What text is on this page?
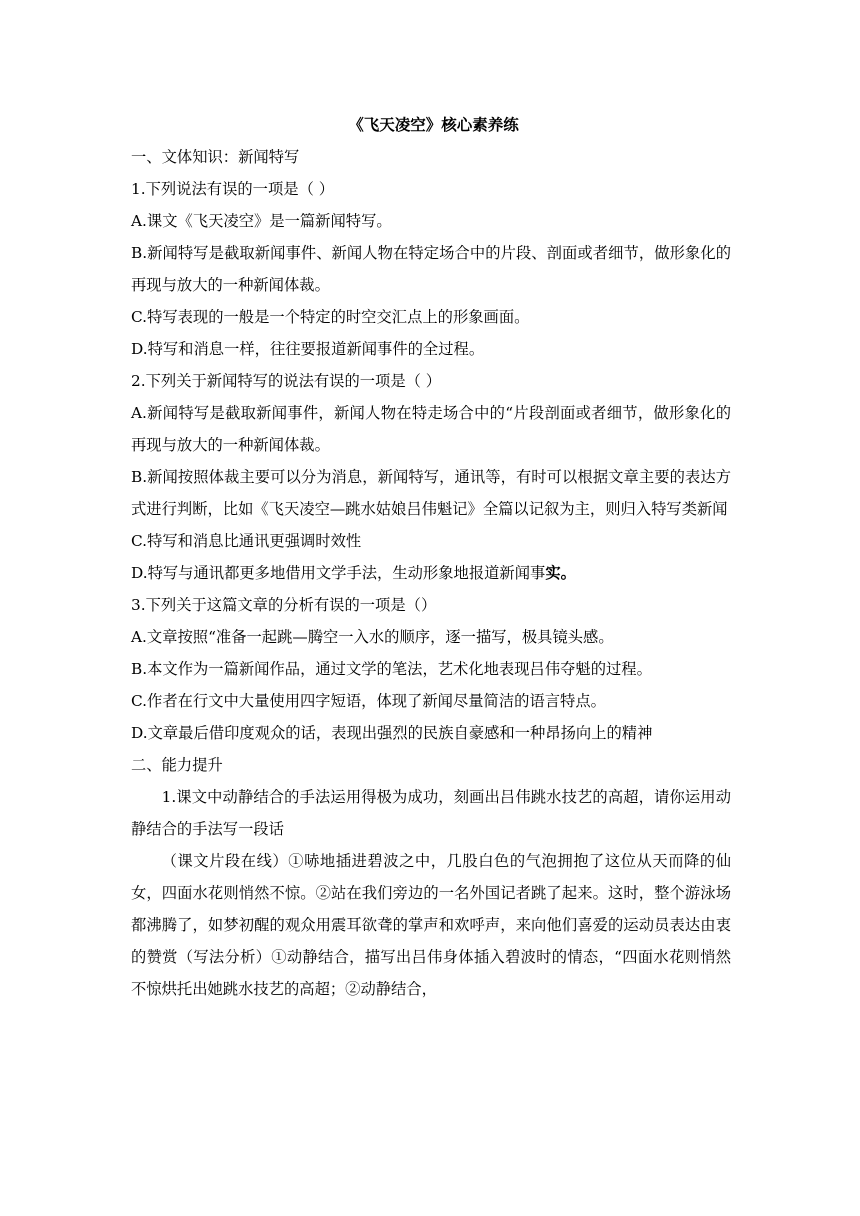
《飞天凌空》核心素养练

一、文体知识：新闻特写

1.下列说法有误的一项是（ ）

A.课文《飞天凌空》是一篇新闻特写。

B.新闻特写是截取新闻事件、新闻人物在特定场合中的片段、剖面或者细节，做形象化的再现与放大的一种新闻体裁。

C.特写表现的一般是一个特定的时空交汇点上的形象画面。

D.特写和消息一样，往往要报道新闻事件的全过程。

2.下列关于新闻特写的说法有误的一项是（ ）

A.新闻特写是截取新闻事件，新闻人物在特走场合中的“片段剖面或者细节，做形象化的再现与放大的一种新闻体裁。

B.新闻按照体裁主要可以分为消息，新闻特写，通讯等，有时可以根据文章主要的表达方式进行判断，比如《飞天凌空—跳水姑娘吕伟魁记》全篇以记叙为主，则归入特写类新闻

C.特写和消息比通讯更强调时效性

D.特写与通讯都更多地借用文学手法，生动形象地报道新闻事实。

3.下列关于这篇文章的分析有误的一项是（）

A.文章按照“准备一起跳—腾空一入水的顺序，逐一描写，极具镜头感。

B.本文作为一篇新闻作品，通过文学的笔法，艺术化地表现吕伟夺魁的过程。

C.作者在行文中大量使用四字短语，体现了新闻尽量简洁的语言特点。

D.文章最后借印度观众的话，表现出强烈的民族自豪感和一种昂扬向上的精神

二、能力提升

1.课文中动静结合的手法运用得极为成功，刻画出吕伟跳水技艺的高超，请你运用动静结合的手法写一段话

（课文片段在线）①哧地插进碧波之中，几股白色的气泡拥抱了这位从天而降的仙女，四面水花则悄然不惊。②站在我们旁边的一名外国记者跳了起来。这时，整个游泳场都沸腾了，如梦初醒的观众用震耳欲聋的掌声和欢呼声，来向他们喜爱的运动员表达由衷的赞赏（写法分析）①动静结合，描写出吕伟身体插入碧波时的情态，“四面水花则悄然不惊烘托出她跳水技艺的高超；②动静结合，
